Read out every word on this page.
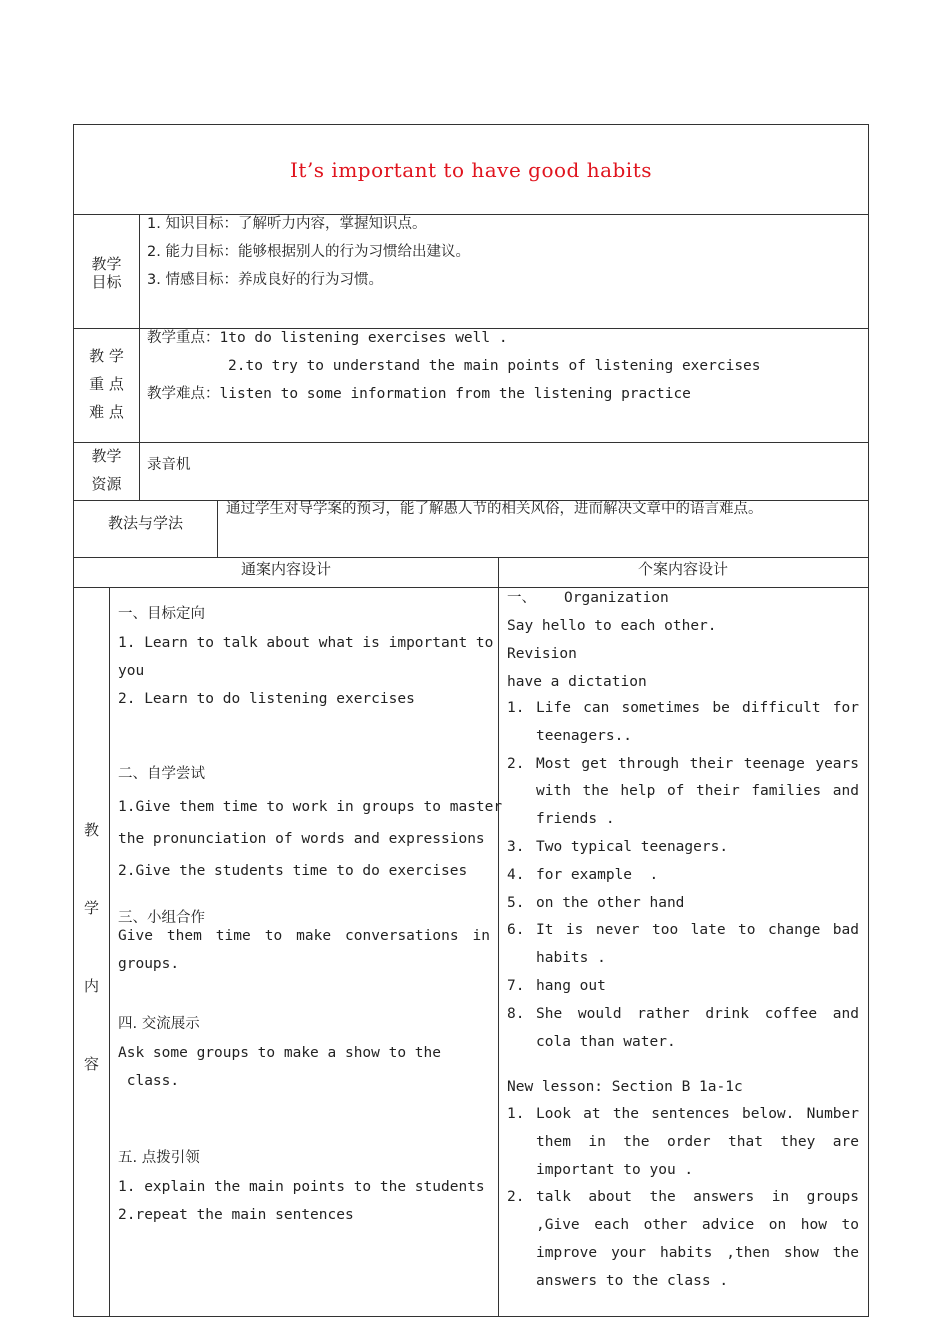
It’s important to have good habits
教学
目标
1. 知识目标：了解听力内容，掌握知识点。
2. 能力目标：能够根据别人的行为习惯给出建议。
3. 情感目标：养成良好的行为习惯。
教 学
重 点
难 点
教学重点：1to do listening exercises well .
2.to try to understand the main points of listening exercises
教学难点：listen to some information from the listening practice
教学
资源
录音机
教法与学法
通过学生对导学案的预习，能了解愚人节的相关风俗，进而解决文章中的语言难点。
通案内容设计	个案内容设计
教
学
内
容
一、目标定向
1. Learn to talk about what is important to
you
2. Learn to do listening exercises
二、自学尝试
1.Give them time to work in groups to master
the pronunciation of words and expressions
2.Give the students time to do exercises
三、小组合作
Give them time to make conversations in
groups.
四. 交流展示
Ask some groups to make a show to the
class.
五. 点拨引领
1. explain the main points to the students
2.repeat the main sentences
一、 Organization
Say hello to each other.
Revision
have a dictation
1. Life can sometimes be difficult for teenagers..
2. Most get through their teenage years with the help of their families and friends .
3. Two typical teenagers.
4. for example  .
5. on the other hand
6. It is never too late to change bad habits .
7. hang out
8. She would rather drink coffee and cola than water.
New lesson: Section B 1a-1c
1. Look at the sentences below. Number them in the order that they are important to you .
2. talk about the answers in groups ,Give each other advice on how to improve your habits ,then show the answers to the class .
